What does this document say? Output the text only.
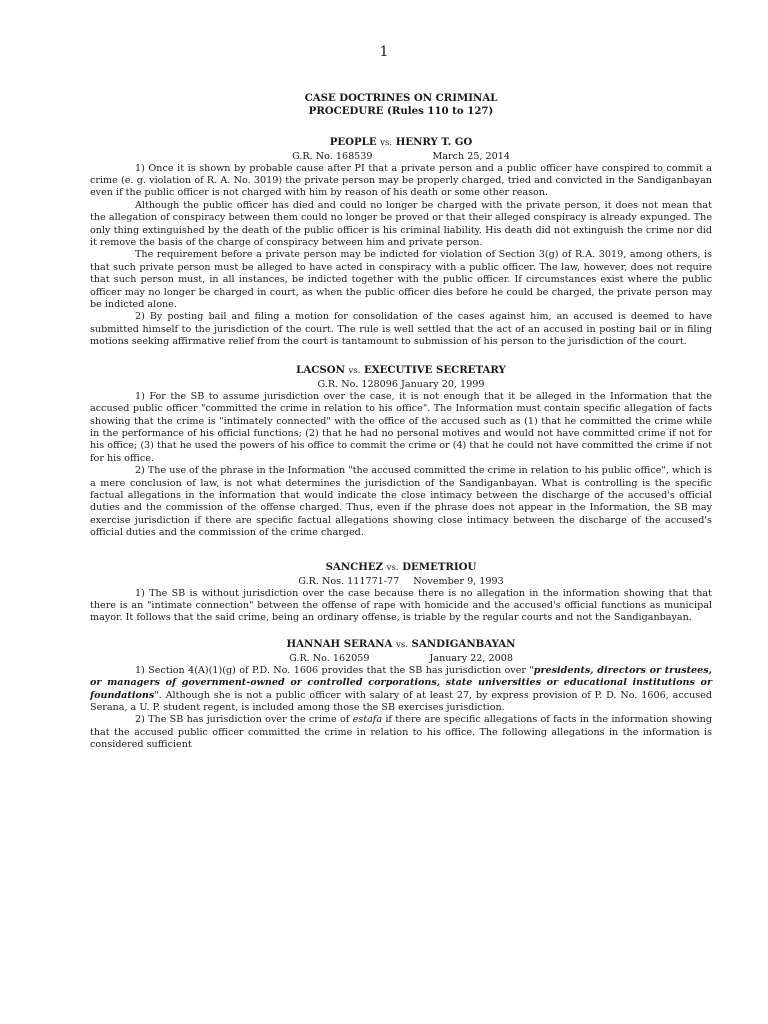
1

CASE DOCTRINES ON CRIMINAL

PROCEDURE (Rules 110 to 127)

PEOPLE vs. HENRY T. GO

G.R. No. 168539	March 25, 2014

1) Once it is shown by probable cause after PI that a private person and a public officer have conspired to commit a crime (e. g. violation of R. A. No. 3019) the private person may be properly charged, tried and convicted in the Sandiganbayan even if the public officer is not charged with him by reason of his death or some other reason.

Although the public officer has died and could no longer be charged with the private person, it does not mean that the allegation of conspiracy between them could no longer be proved or that their alleged conspiracy is already expunged. The only thing extinguished by the death of the public officer is his criminal liability. His death did not extinguish the crime nor did it remove the basis of the charge of conspiracy between him and private person.

The requirement before a private person may be indicted for violation of Section 3(g) of R.A. 3019, among others, is that such private person must be alleged to have acted in conspiracy with a public officer. The law, however, does not require that such person must, in all instances, be indicted together with the public officer. If circumstances exist where the public officer may no longer be charged in court, as when the public officer dies before he could be charged, the private person may be indicted alone.

2) By posting bail and filing a motion for consolidation of the cases against him, an accused is deemed to have submitted himself to the jurisdiction of the court. The rule is well settled that the act of an accused in posting bail or in filing motions seeking affirmative relief from the court is tantamount to submission of his person to the jurisdiction of the court.

LACSON vs. EXECUTIVE SECRETARY

G.R. No. 128096 January 20, 1999

1) For the SB to assume jurisdiction over the case, it is not enough that it be alleged in the Information that the accused public officer "committed the crime in relation to his office". The Information must contain specific allegation of facts showing that the crime is "intimately connected" with the office of the accused such as (1) that he committed the crime while in the performance of his official functions; (2) that he had no personal motives and would not have committed crime if not for his office; (3) that he used the powers of his office to commit the crime or (4) that he could not have committed the crime if not for his office.

2) The use of the phrase in the Information "the accused committed the crime in relation to his public office", which is a mere conclusion of law, is not what determines the jurisdiction of the Sandiganbayan. What is controlling is the specific factual allegations in the information that would indicate the close intimacy between the discharge of the accused's official duties and the commission of the offense charged. Thus, even if the phrase does not appear in the Information, the SB may exercise jurisdiction if there are specific factual allegations showing close intimacy between the discharge of the accused's official duties and the commission of the crime charged.

SANCHEZ vs. DEMETRIOU

G.R. Nos. 111771-77 November 9, 1993

1) The SB is without jurisdiction over the case because there is no allegation in the information showing that that there is an "intimate connection" between the offense of rape with homicide and the accused's official functions as municipal mayor. It follows that the said crime, being an ordinary offense, is triable by the regular courts and not the Sandiganbayan.

HANNAH SERANA vs. SANDIGANBAYAN

G.R. No. 162059	January 22, 2008

1) Section 4(A)(1)(g) of P.D. No. 1606 provides that the SB has jurisdiction over "presidents, directors or trustees, or managers of government-owned or controlled corporations, state universities or educational institutions or foundations". Although she is not a public officer with salary of at least 27, by express provision of P. D. No. 1606, accused Serana, a U. P. student regent, is included among those the SB exercises jurisdiction.

2) The SB has jurisdiction over the crime of estafa if there are specific allegations of facts in the information showing that the accused public officer committed the crime in relation to his office. The following allegations in the information is considered sufficient
